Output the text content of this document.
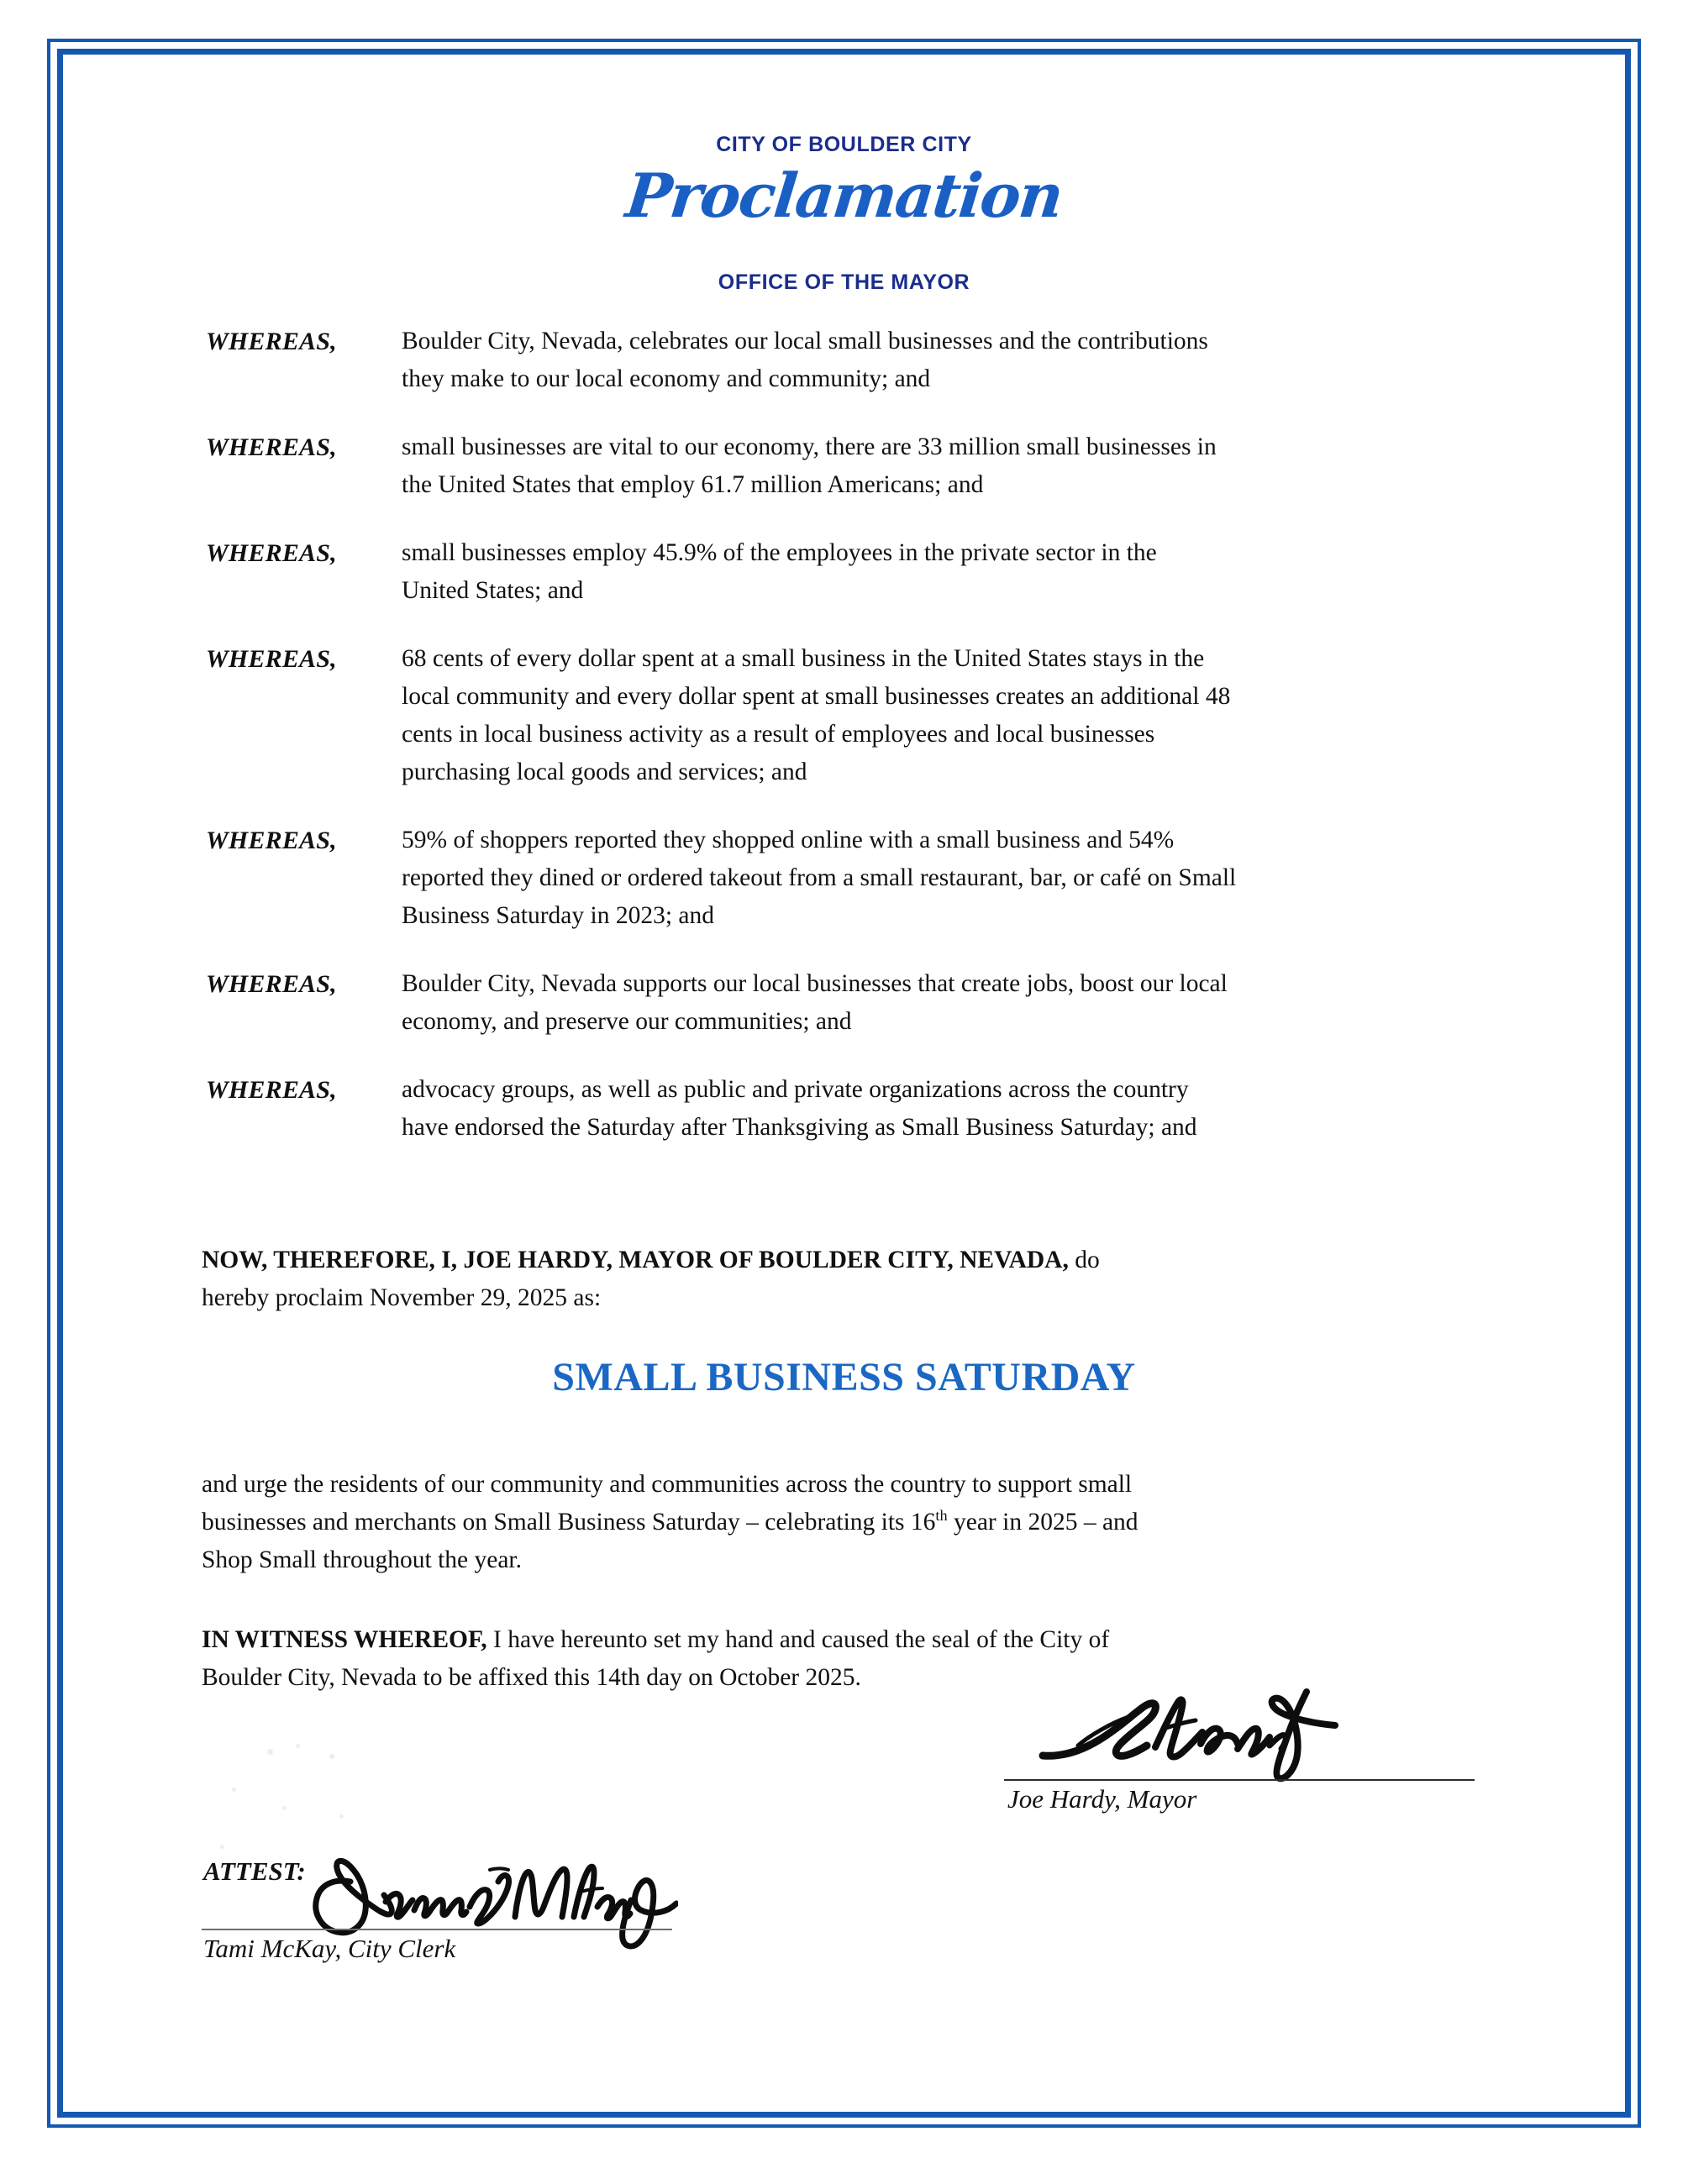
CITY OF BOULDER CITY
Proclamation
OFFICE OF THE MAYOR
WHEREAS,	Boulder City, Nevada, celebrates our local small businesses and the contributions
they make to our local economy and community; and
WHEREAS,	small businesses are vital to our economy, there are 33 million small businesses in
the United States that employ 61.7 million Americans; and
WHEREAS,	small businesses employ 45.9% of the employees in the private sector in the
United States; and
WHEREAS,	68 cents of every dollar spent at a small business in the United States stays in the
local community and every dollar spent at small businesses creates an additional 48
cents in local business activity as a result of employees and local businesses
purchasing local goods and services; and
WHEREAS,	59% of shoppers reported they shopped online with a small business and 54%
reported they dined or ordered takeout from a small restaurant, bar, or café on Small
Business Saturday in 2023; and
WHEREAS,	Boulder City, Nevada supports our local businesses that create jobs, boost our local
economy, and preserve our communities; and
WHEREAS,	advocacy groups, as well as public and private organizations across the country
have endorsed the Saturday after Thanksgiving as Small Business Saturday; and
NOW, THEREFORE, I, JOE HARDY, MAYOR OF BOULDER CITY, NEVADA, do
hereby proclaim November 29, 2025 as:
SMALL BUSINESS SATURDAY
and urge the residents of our community and communities across the country to support small
businesses and merchants on Small Business Saturday – celebrating its 16th year in 2025 – and
Shop Small throughout the year.
IN WITNESS WHEREOF, I have hereunto set my hand and caused the seal of the City of
Boulder City, Nevada to be affixed this 14th day on October 2025.
Joe Hardy, Mayor
ATTEST:
Tami McKay, City Clerk
